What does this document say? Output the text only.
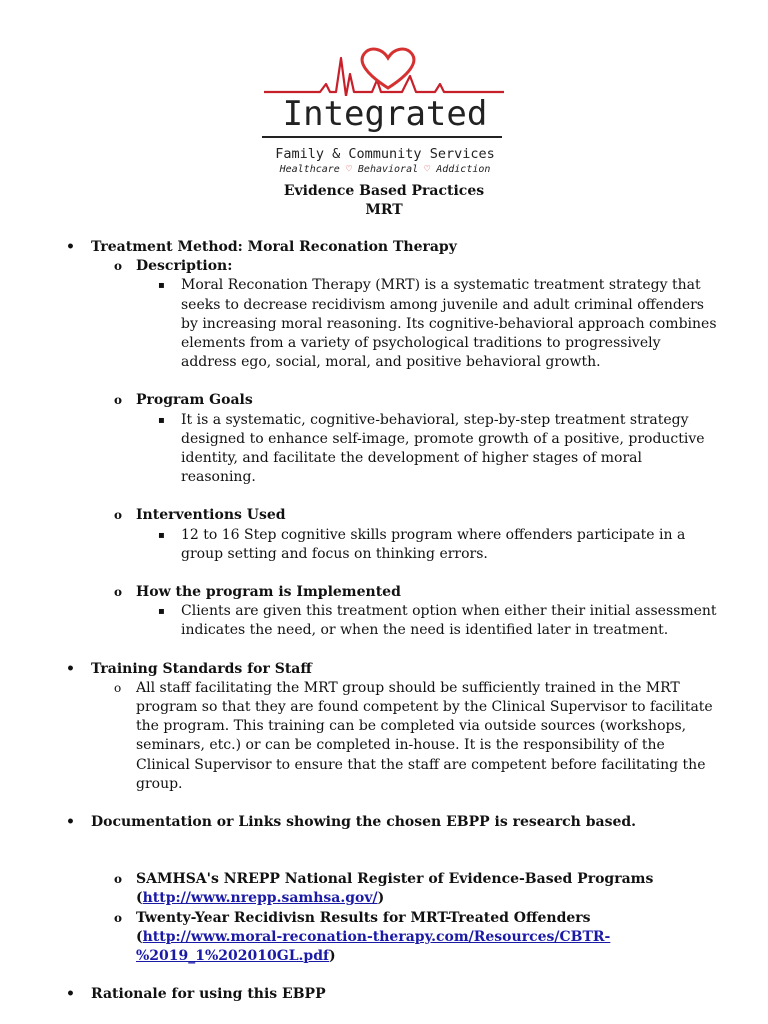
Integrated
Family & Community Services
Healthcare ♡ Behavioral ♡ Addiction
Evidence Based Practices
MRT
• Treatment Method: Moral Reconation Therapy
o Description:
▪ Moral Reconation Therapy (MRT) is a systematic treatment strategy that seeks to decrease recidivism among juvenile and adult criminal offenders by increasing moral reasoning. Its cognitive-behavioral approach combines elements from a variety of psychological traditions to progressively address ego, social, moral, and positive behavioral growth.
o Program Goals
▪ It is a systematic, cognitive-behavioral, step-by-step treatment strategy designed to enhance self-image, promote growth of a positive, productive identity, and facilitate the development of higher stages of moral reasoning.
o Interventions Used
▪ 12 to 16 Step cognitive skills program where offenders participate in a group setting and focus on thinking errors.
o How the program is Implemented
▪ Clients are given this treatment option when either their initial assessment indicates the need, or when the need is identified later in treatment.
• Training Standards for Staff
o All staff facilitating the MRT group should be sufficiently trained in the MRT program so that they are found competent by the Clinical Supervisor to facilitate the program. This training can be completed via outside sources (workshops, seminars, etc.) or can be completed in-house. It is the responsibility of the Clinical Supervisor to ensure that the staff are competent before facilitating the group.
• Documentation or Links showing the chosen EBPP is research based.
o SAMHSA's NREPP National Register of Evidence-Based Programs
(http://www.nrepp.samhsa.gov/)
o Twenty-Year Recidivisn Results for MRT-Treated Offenders (http://www.moral-reconation-therapy.com/Resources/CBTR-%2019_1%202010GL.pdf)
• Rationale for using this EBPP
